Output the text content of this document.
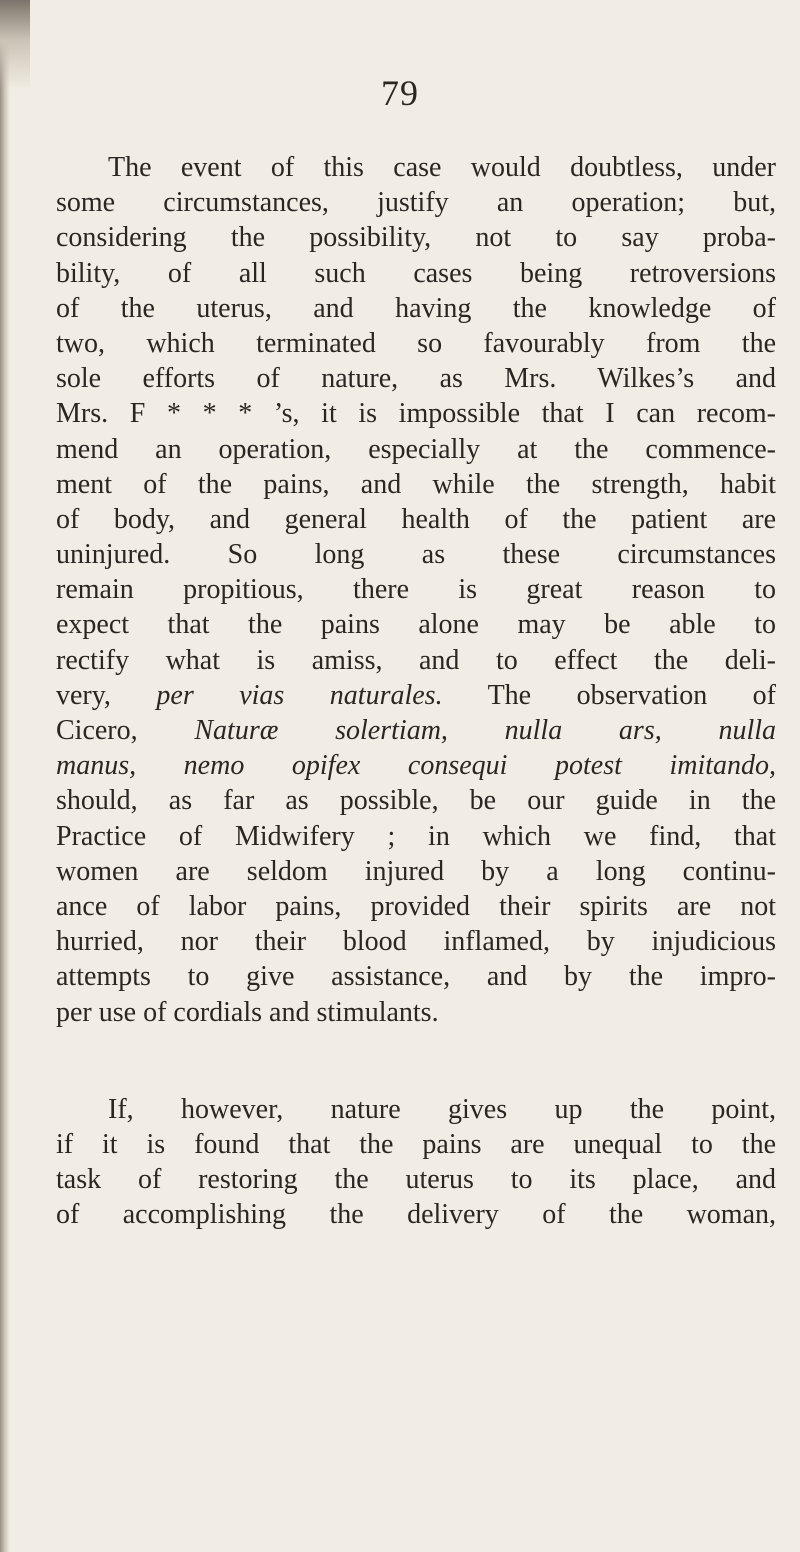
79
The event of this case would doubtless, under
some circumstances, justify an operation; but,
considering the possibility, not to say proba-
bility, of all such cases being retroversions
of the uterus, and having the knowledge of
two, which terminated so favourably from the
sole efforts of nature, as Mrs. Wilkes’s and
Mrs. F * * * ’s, it is impossible that I can recom-
mend an operation, especially at the commence-
ment of the pains, and while the strength, habit
of body, and general health of the patient are
uninjured. So long as these circumstances
remain propitious, there is great reason to
expect that the pains alone may be able to
rectify what is amiss, and to effect the deli-
very, per vias naturales. The observation of
Cicero, Naturæ solertiam, nulla ars, nulla
manus, nemo opifex consequi potest imitando,
should, as far as possible, be our guide in the
Practice of Midwifery ; in which we find, that
women are seldom injured by a long continu-
ance of labor pains, provided their spirits are not
hurried, nor their blood inflamed, by injudicious
attempts to give assistance, and by the impro-
per use of cordials and stimulants.
If, however, nature gives up the point,
if it is found that the pains are unequal to the
task of restoring the uterus to its place, and
of accomplishing the delivery of the woman,
